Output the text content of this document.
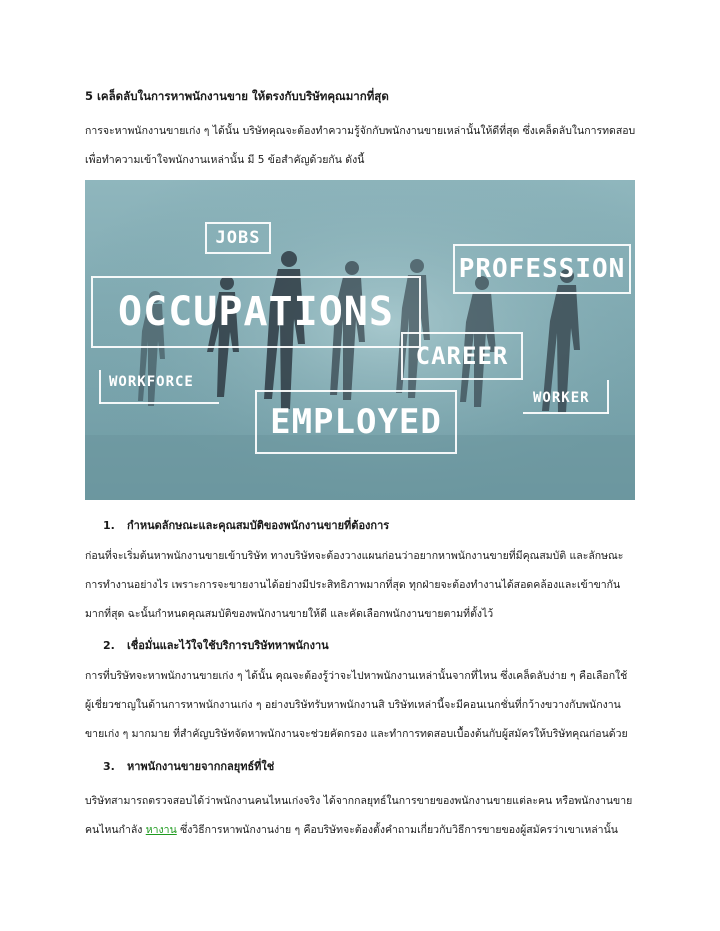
5 เคล็ดลับในการหาพนักงานขาย ให้ตรงกับบริษัทคุณมากที่สุด
การจะหาพนักงานขายเก่ง ๆ ได้นั้น บริษัทคุณจะต้องทำความรู้จักกับพนักงานขายเหล่านั้นให้ดีที่สุด ซึ่งเคล็ดลับในการทดสอบ
เพื่อทำความเข้าใจพนักงานเหล่านั้น มี 5 ข้อสำคัญด้วยกัน ดังนี้
JOBS
PROFESSION
OCCUPATIONS
CAREER
WORKFORCE
EMPLOYED
WORKER
1. กำหนดลักษณะและคุณสมบัติของพนักงานขายที่ต้องการ
ก่อนที่จะเริ่มต้นหาพนักงานขายเข้าบริษัท ทางบริษัทจะต้องวางแผนก่อนว่าอยากหาพนักงานขายที่มีคุณสมบัติ และลักษณะ
การทำงานอย่างไร เพราะการจะขายงานได้อย่างมีประสิทธิภาพมากที่สุด ทุกฝ่ายจะต้องทำงานได้สอดคล้องและเข้าขากัน
มากที่สุด ฉะนั้นกำหนดคุณสมบัติของพนักงานขายให้ดี และคัดเลือกพนักงานขายตามที่ตั้งไว้
2. เชื่อมั่นและไว้ใจใช้บริการบริษัทหาพนักงาน
การที่บริษัทจะหาพนักงานขายเก่ง ๆ ได้นั้น คุณจะต้องรู้ว่าจะไปหาพนักงานเหล่านั้นจากที่ไหน ซึ่งเคล็ดลับง่าย ๆ คือเลือกใช้
ผู้เชี่ยวชาญในด้านการหาพนักงานเก่ง ๆ อย่างบริษัทรับหาพนักงานสิ บริษัทเหล่านี้จะมีคอนเนกชั่นที่กว้างขวางกับพนักงาน
ขายเก่ง ๆ มากมาย ที่สำคัญบริษัทจัดหาพนักงานจะช่วยคัดกรอง และทำการทดสอบเบื้องต้นกับผู้สมัครให้บริษัทคุณก่อนด้วย
3. หาพนักงานขายจากกลยุทธ์ที่ใช่
บริษัทสามารถตรวจสอบได้ว่าพนักงานคนไหนเก่งจริง ได้จากกลยุทธ์ในการขายของพนักงานขายแต่ละคน หรือพนักงานขาย
คนไหนกำลัง หางาน ซึ่งวิธีการหาพนักงานง่าย ๆ คือบริษัทจะต้องตั้งคำถามเกี่ยวกับวิธีการขายของผู้สมัครว่าเขาเหล่านั้น
